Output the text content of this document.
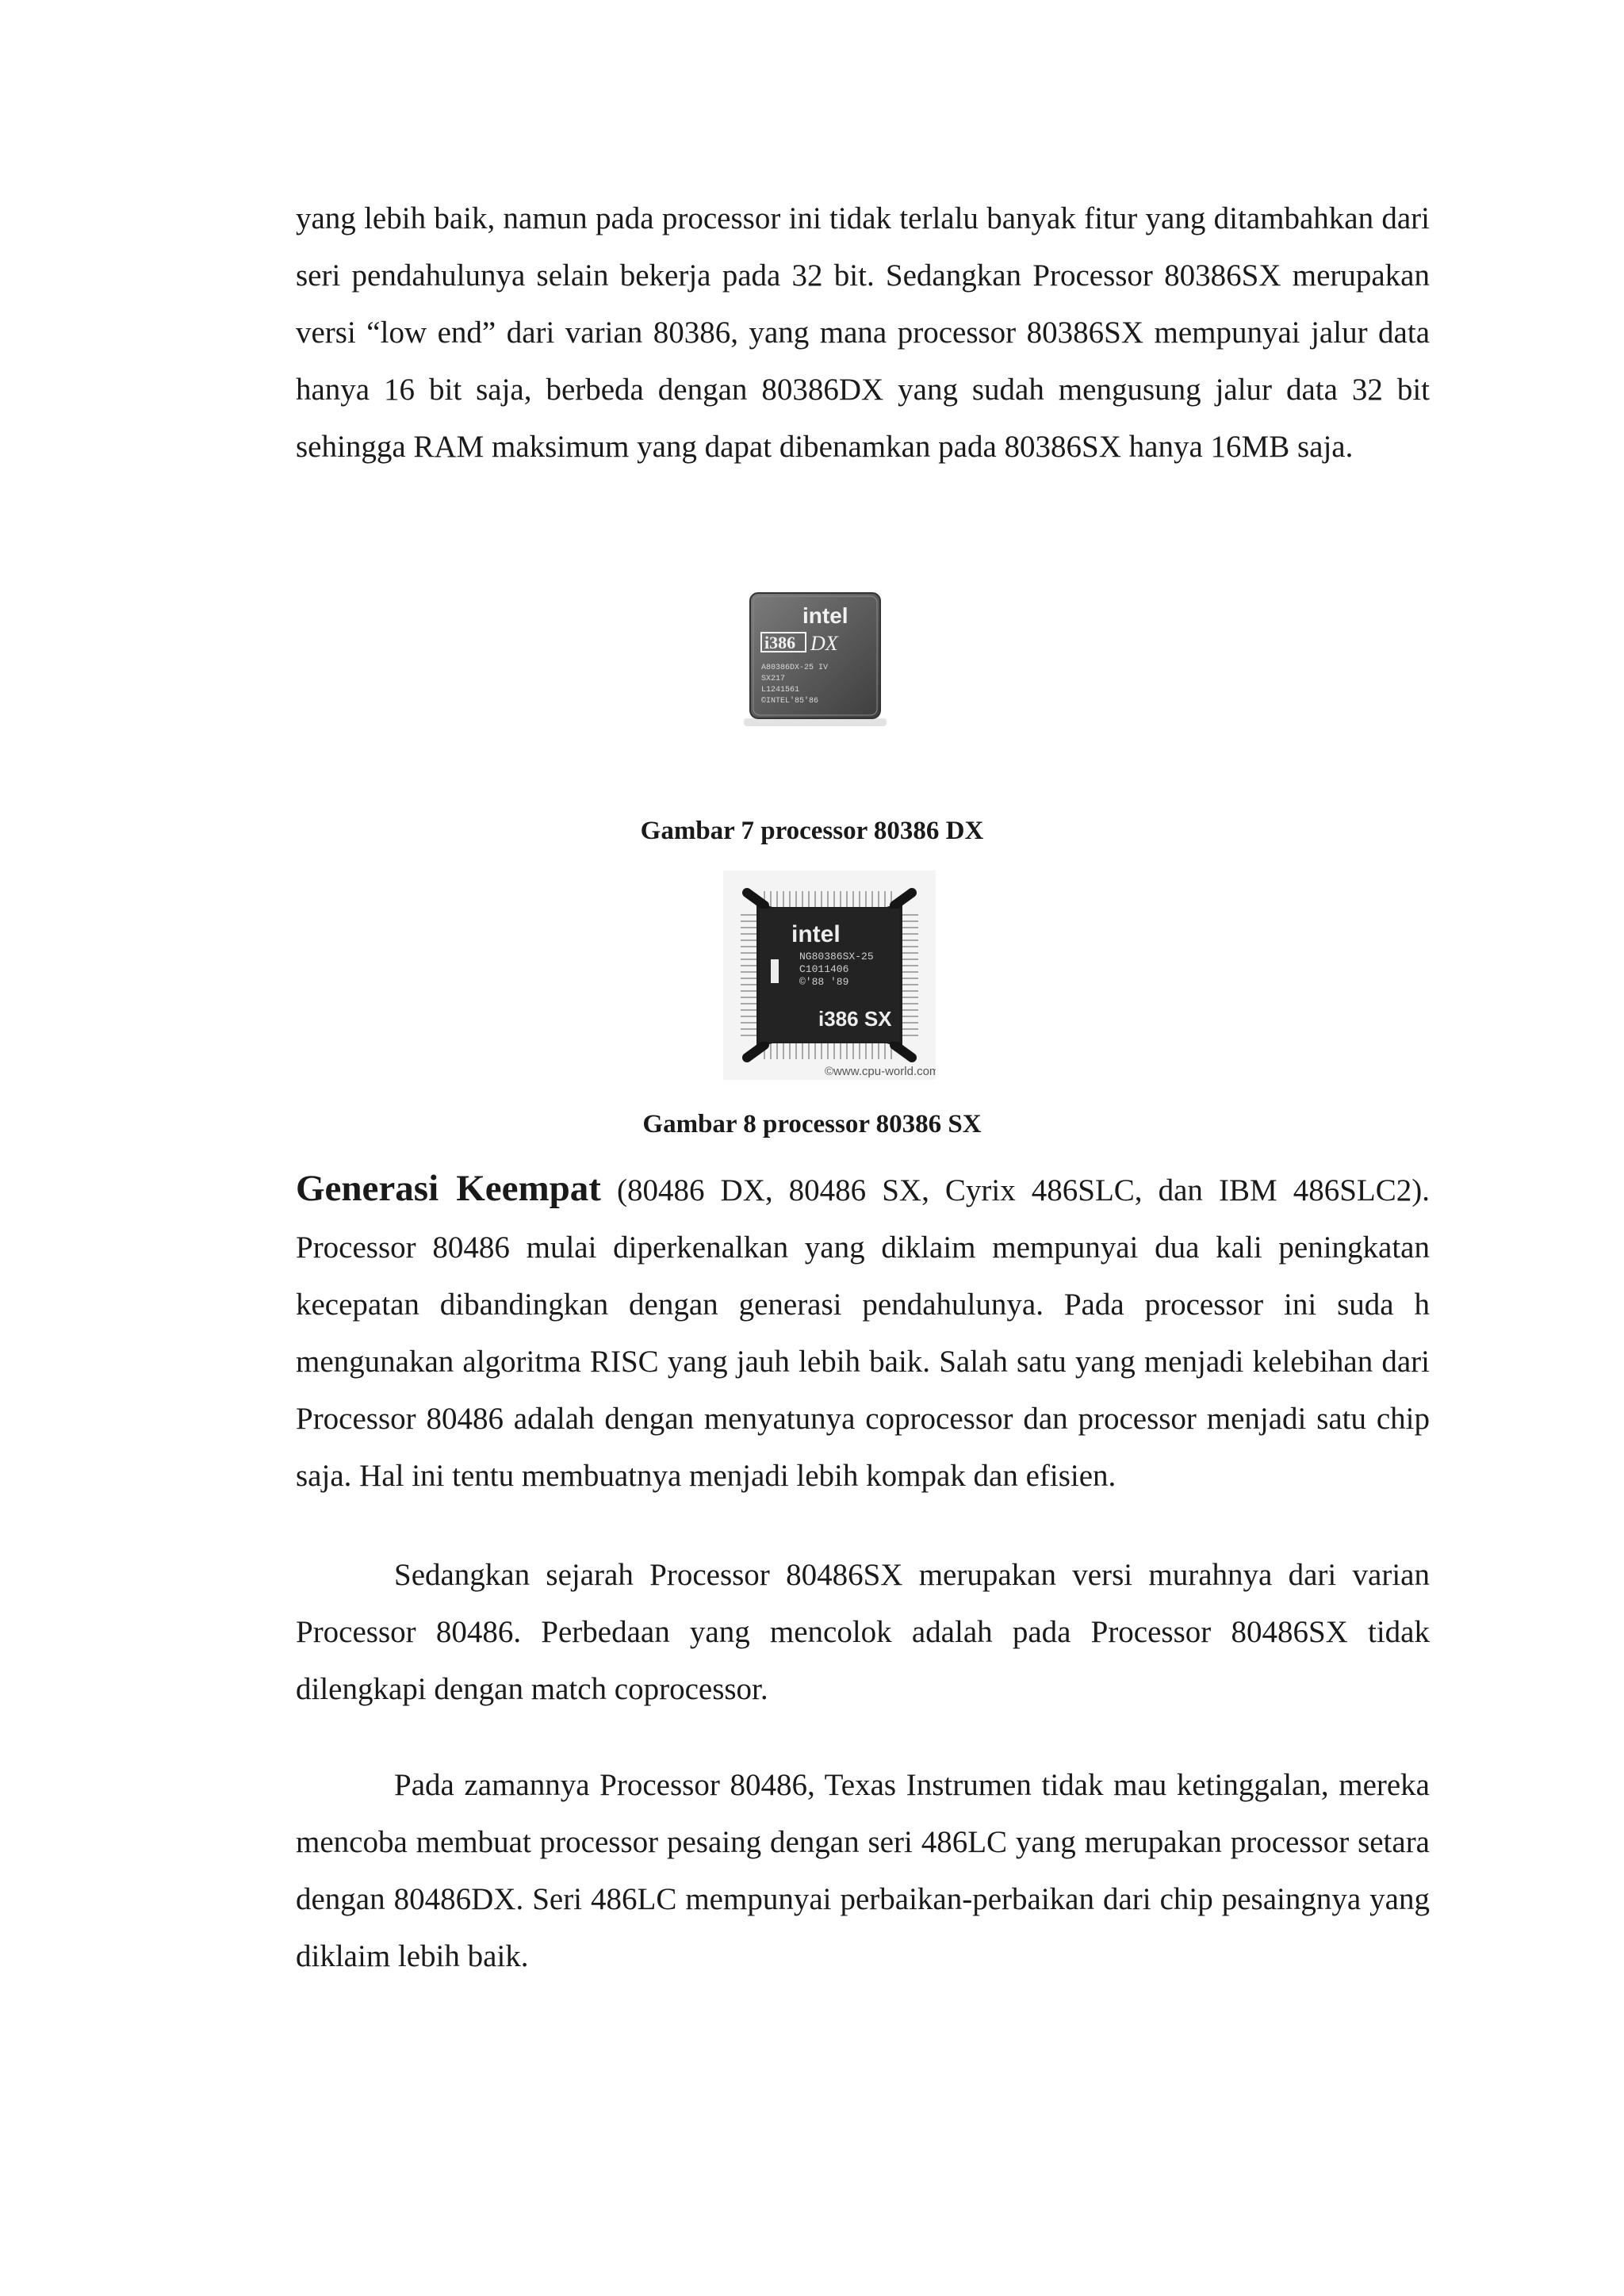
yang lebih baik, namun pada processor ini tidak terlalu banyak fitur yang ditambahkan dari seri pendahulunya selain bekerja pada 32 bit. Sedangkan Processor 80386SX merupakan versi “low end” dari varian 80386, yang mana processor 80386SX mempunyai jalur data hanya 16 bit saja, berbeda dengan 80386DX yang sudah mengusung jalur data 32 bit sehingga RAM maksimum yang dapat dibenamkan pada 80386SX hanya 16MB saja.

intel
i386 DX
A80386DX-25 IV
SX217
L1241561
©INTEL'85'86
Gambar 7 processor 80386 DX
intel
NG80386SX-25
C1011406
©'88 '89
i386 SX
©www.cpu-world.com
Gambar 8 processor 80386 SX

Generasi Keempat (80486 DX, 80486 SX, Cyrix 486SLC, dan IBM 486SLC2). Processor 80486 mulai diperkenalkan yang diklaim mempunyai dua kali peningkatan kecepatan dibandingkan dengan generasi pendahulunya. Pada processor ini suda h mengunakan algoritma RISC yang jauh lebih baik. Salah satu yang menjadi kelebihan dari Processor 80486 adalah dengan menyatunya coprocessor dan processor menjadi satu chip saja. Hal ini tentu membuatnya menjadi lebih kompak dan efisien.

Sedangkan sejarah Processor 80486SX merupakan versi murahnya dari varian Processor 80486. Perbedaan yang mencolok adalah pada Processor 80486SX tidak dilengkapi dengan match coprocessor.

Pada zamannya Processor 80486, Texas Instrumen tidak mau ketinggalan, mereka mencoba membuat processor pesaing dengan seri 486LC yang merupakan processor setara dengan 80486DX. Seri 486LC mempunyai perbaikan-perbaikan dari chip pesaingnya yang diklaim lebih baik.
